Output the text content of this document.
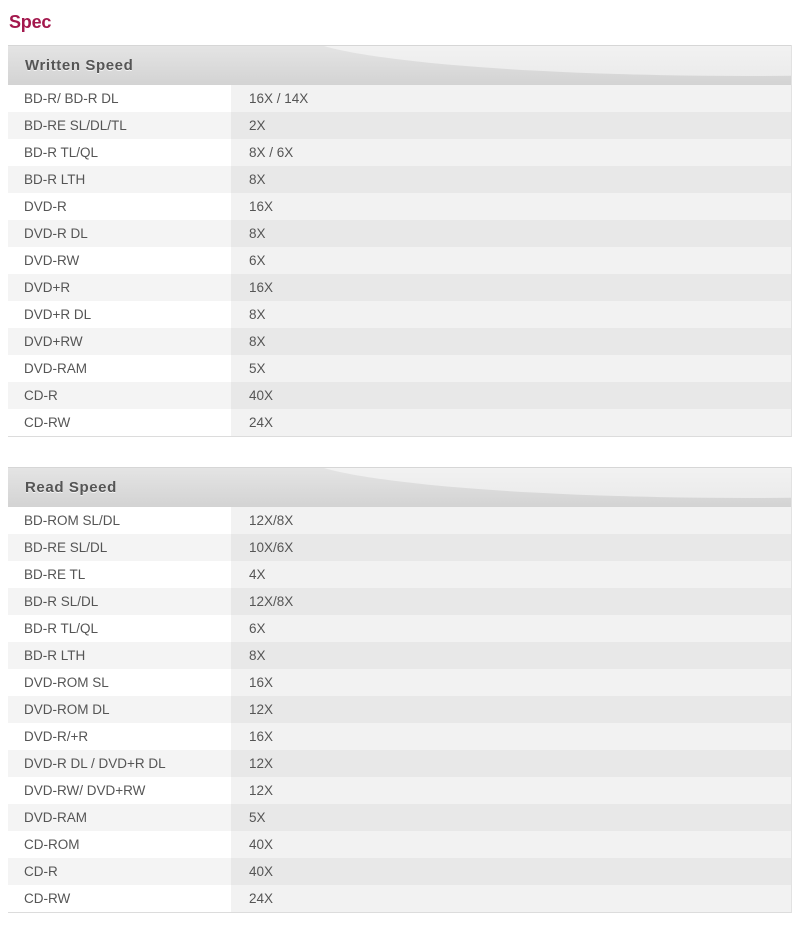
Spec
Written Speed
BD-R/ BD-R DL	16X / 14X
BD-RE SL/DL/TL	2X
BD-R TL/QL	8X / 6X
BD-R LTH	8X
DVD-R	16X
DVD-R DL	8X
DVD-RW	6X
DVD+R	16X
DVD+R DL	8X
DVD+RW	8X
DVD-RAM	5X
CD-R	40X
CD-RW	24X
Read Speed
BD-ROM SL/DL	12X/8X
BD-RE SL/DL	10X/6X
BD-RE TL	4X
BD-R SL/DL	12X/8X
BD-R TL/QL	6X
BD-R LTH	8X
DVD-ROM SL	16X
DVD-ROM DL	12X
DVD-R/+R	16X
DVD-R DL / DVD+R DL	12X
DVD-RW/ DVD+RW	12X
DVD-RAM	5X
CD-ROM	40X
CD-R	40X
CD-RW	24X
